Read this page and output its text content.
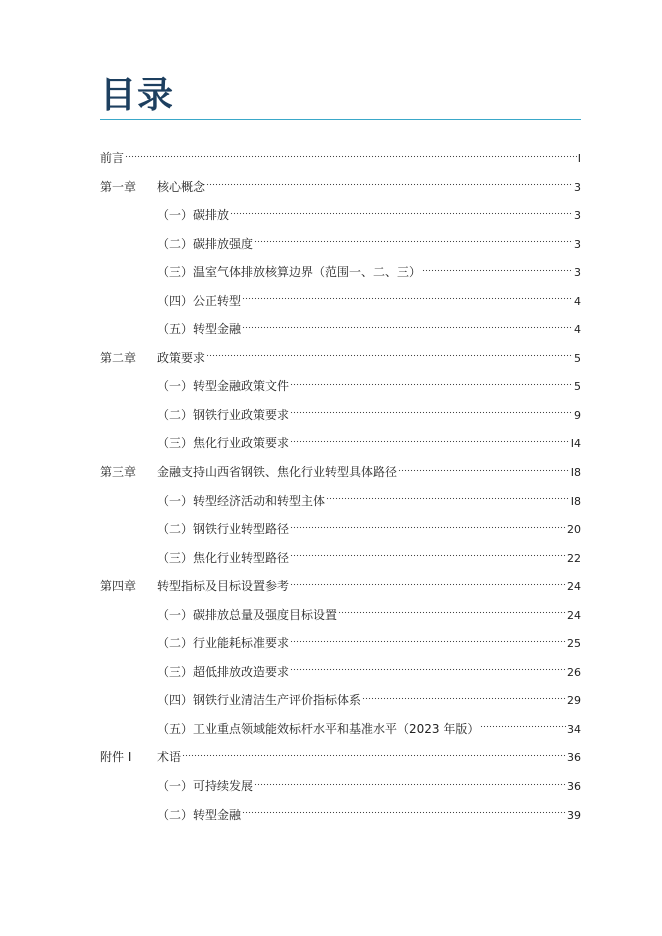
目录
前言	I
第一章	核心概念	3
（一）碳排放	3
（二）碳排放强度	3
（三）温室气体排放核算边界（范围一、二、三）	3
（四）公正转型	4
（五）转型金融	4
第二章	政策要求	5
（一）转型金融政策文件	5
（二）钢铁行业政策要求	9
（三）焦化行业政策要求	I4
第三章	金融支持山西省钢铁、焦化行业转型具体路径	I8
（一）转型经济活动和转型主体	I8
（二）钢铁行业转型路径	20
（三）焦化行业转型路径	22
第四章	转型指标及目标设置参考	24
（一）碳排放总量及强度目标设置	24
（二）行业能耗标准要求	25
（三）超低排放改造要求	26
（四）钢铁行业清洁生产评价指标体系	29
（五）工业重点领域能效标杆水平和基准水平（2023 年版）	34
附件 I	术语	36
（一）可持续发展	36
（二）转型金融	39
